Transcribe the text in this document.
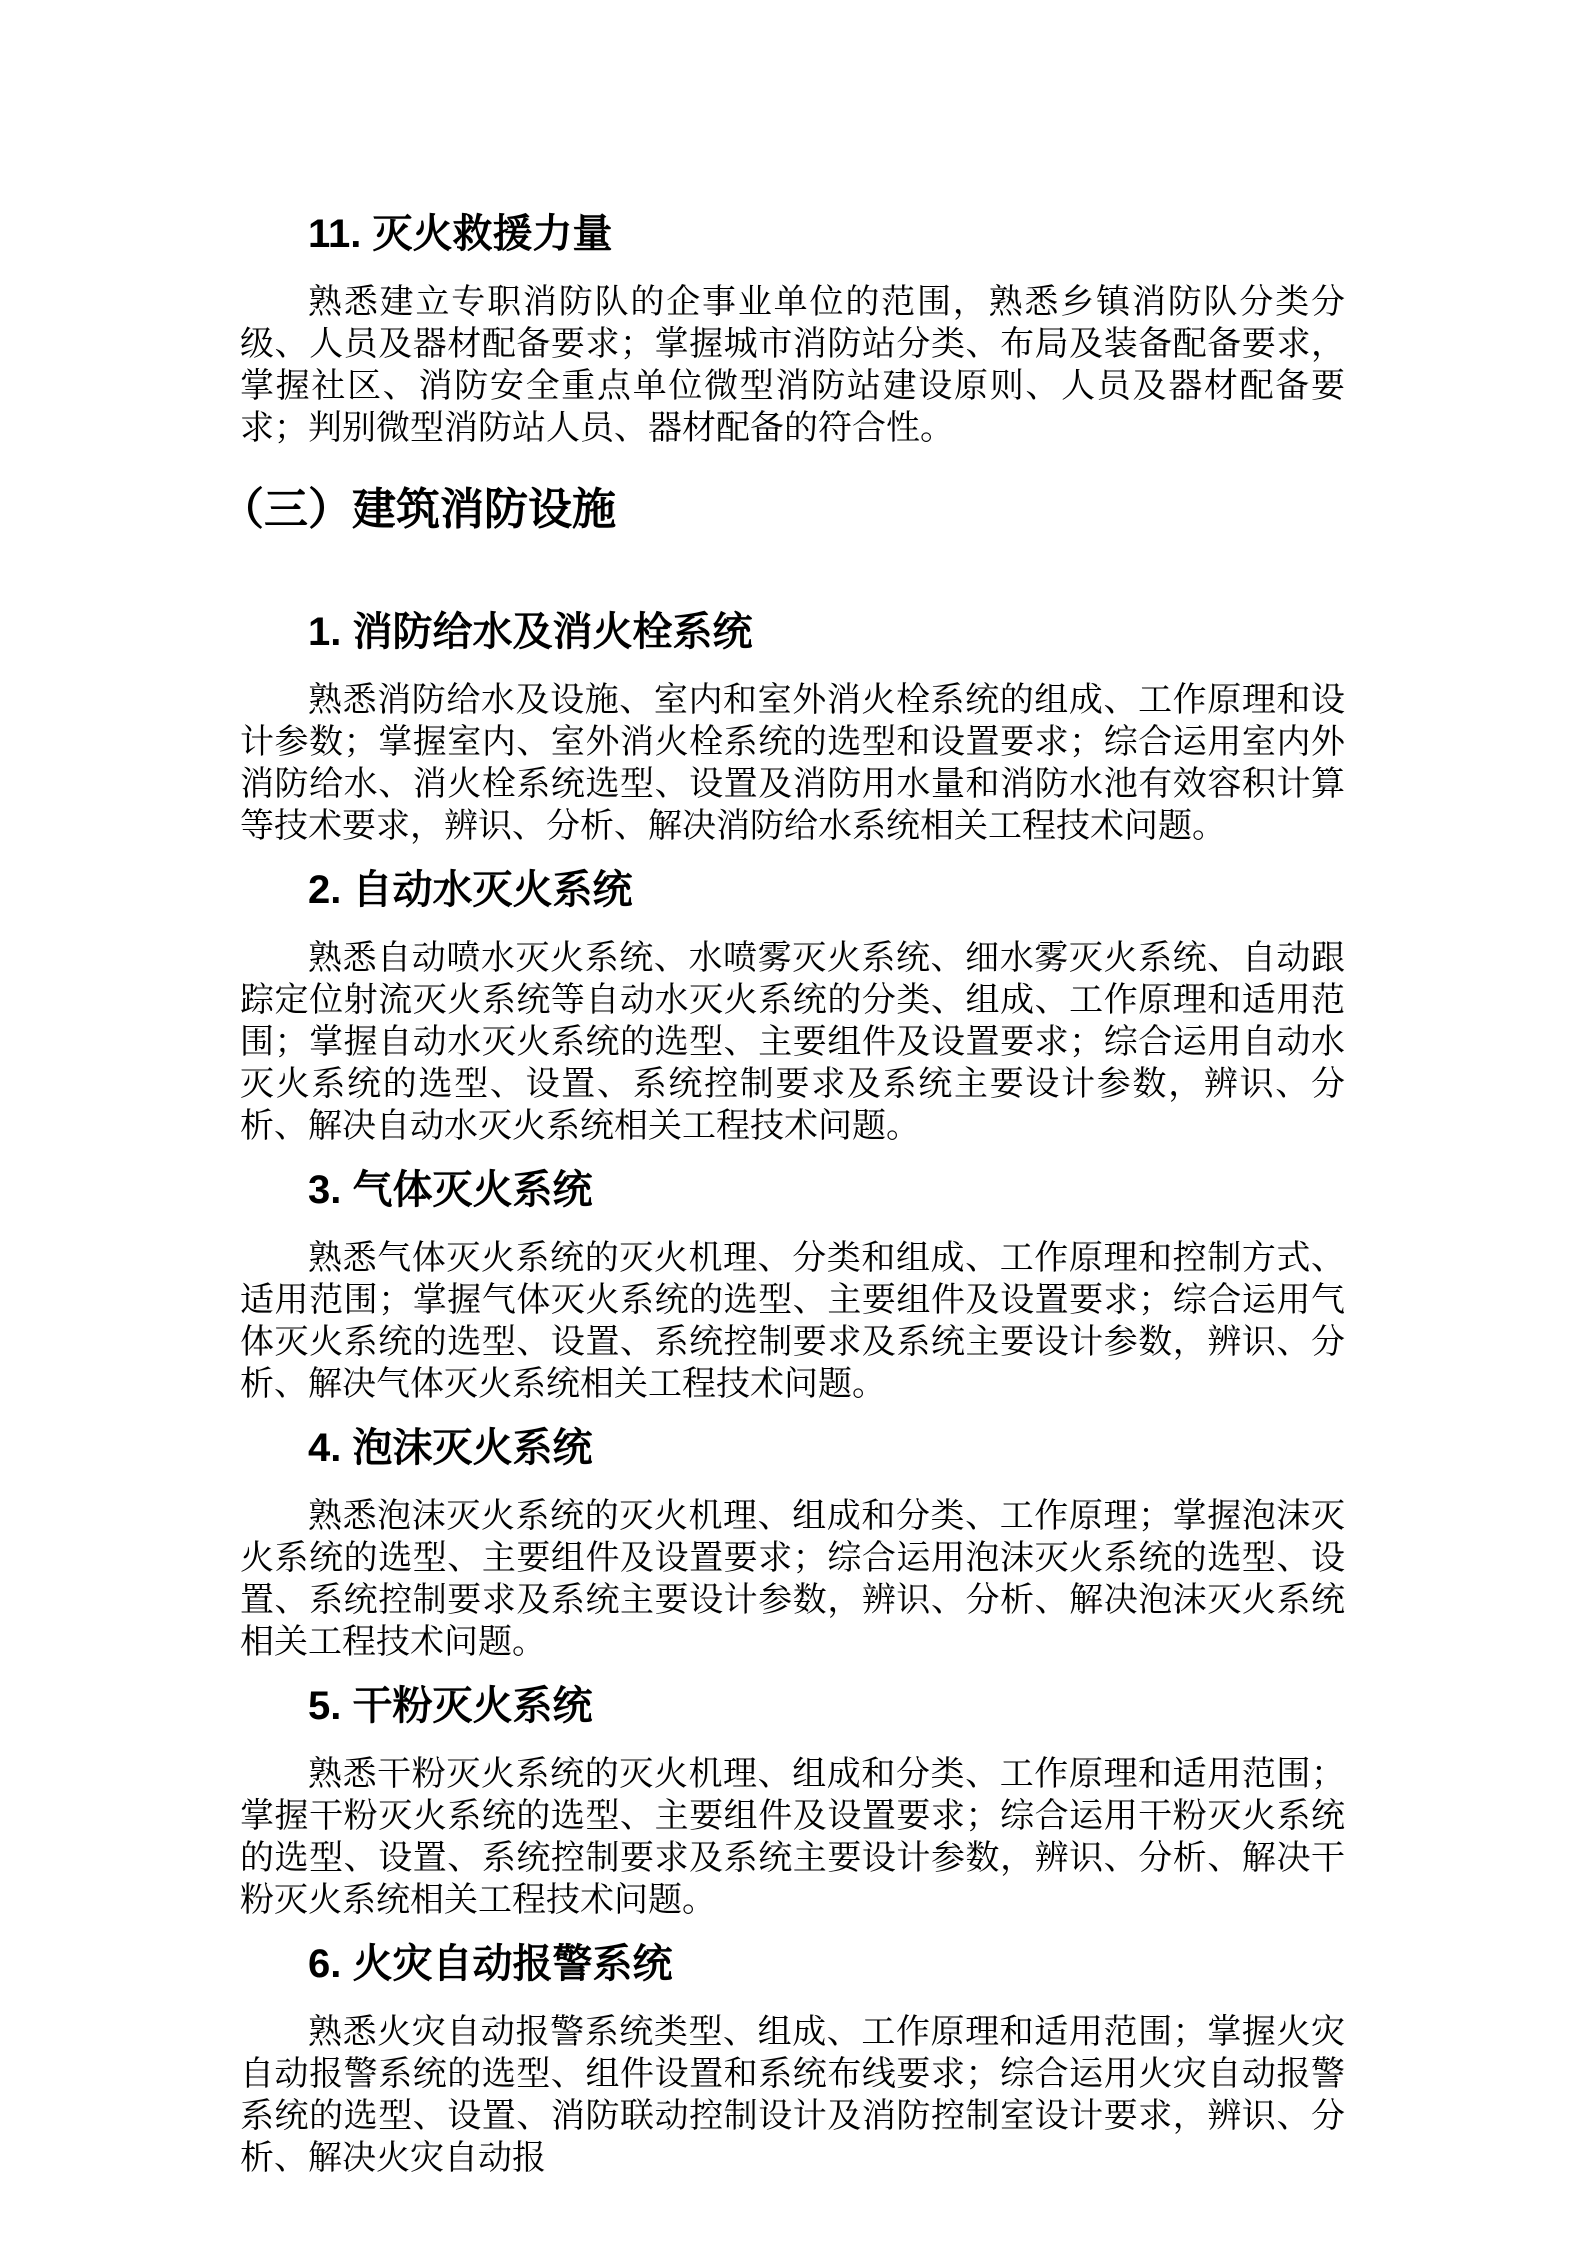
11. 灭火救援力量
熟悉建立专职消防队的企事业单位的范围，熟悉乡镇消防队分类分级、人员及器材配备要求；掌握城市消防站分类、布局及装备配备要求，掌握社区、消防安全重点单位微型消防站建设原则、人员及器材配备要求；判别微型消防站人员、器材配备的符合性。
（三）建筑消防设施
1. 消防给水及消火栓系统
熟悉消防给水及设施、室内和室外消火栓系统的组成、工作原理和设计参数；掌握室内、室外消火栓系统的选型和设置要求；综合运用室内外消防给水、消火栓系统选型、设置及消防用水量和消防水池有效容积计算等技术要求，辨识、分析、解决消防给水系统相关工程技术问题。
2. 自动水灭火系统
熟悉自动喷水灭火系统、水喷雾灭火系统、细水雾灭火系统、自动跟踪定位射流灭火系统等自动水灭火系统的分类、组成、工作原理和适用范围；掌握自动水灭火系统的选型、主要组件及设置要求；综合运用自动水灭火系统的选型、设置、系统控制要求及系统主要设计参数，辨识、分析、解决自动水灭火系统相关工程技术问题。
3. 气体灭火系统
熟悉气体灭火系统的灭火机理、分类和组成、工作原理和控制方式、适用范围；掌握气体灭火系统的选型、主要组件及设置要求；综合运用气体灭火系统的选型、设置、系统控制要求及系统主要设计参数，辨识、分析、解决气体灭火系统相关工程技术问题。
4. 泡沫灭火系统
熟悉泡沫灭火系统的灭火机理、组成和分类、工作原理；掌握泡沫灭火系统的选型、主要组件及设置要求；综合运用泡沫灭火系统的选型、设置、系统控制要求及系统主要设计参数，辨识、分析、解决泡沫灭火系统相关工程技术问题。
5. 干粉灭火系统
熟悉干粉灭火系统的灭火机理、组成和分类、工作原理和适用范围；掌握干粉灭火系统的选型、主要组件及设置要求；综合运用干粉灭火系统的选型、设置、系统控制要求及系统主要设计参数，辨识、分析、解决干粉灭火系统相关工程技术问题。
6. 火灾自动报警系统
熟悉火灾自动报警系统类型、组成、工作原理和适用范围；掌握火灾自动报警系统的选型、组件设置和系统布线要求；综合运用火灾自动报警系统的选型、设置、消防联动控制设计及消防控制室设计要求，辨识、分析、解决火灾自动报
